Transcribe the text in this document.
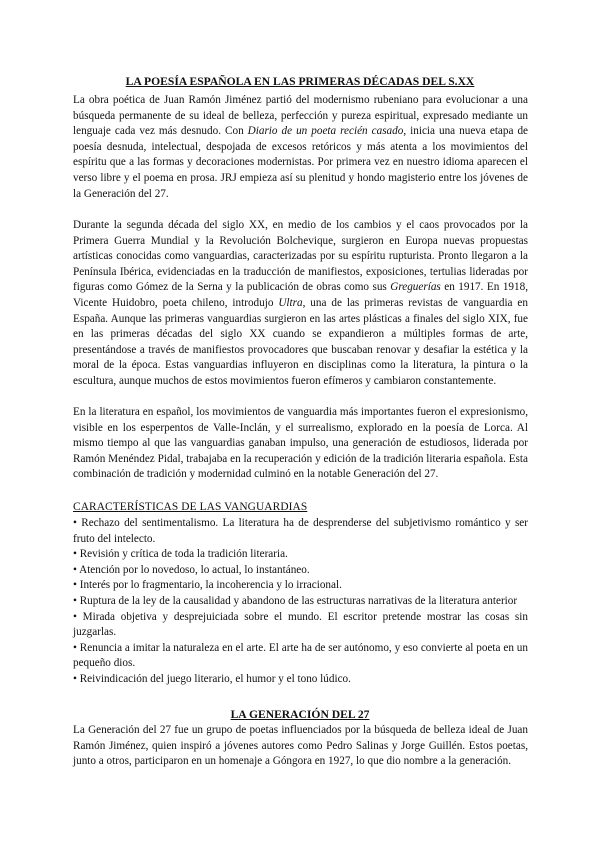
LA POESÍA ESPAÑOLA EN LAS PRIMERAS DÉCADAS DEL S.XX

La obra poética de Juan Ramón Jiménez partió del modernismo rubeniano para evolucionar a una búsqueda permanente de su ideal de belleza, perfección y pureza espiritual, expresado mediante un lenguaje cada vez más desnudo. Con Diario de un poeta recién casado, inicia una nueva etapa de poesía desnuda, intelectual, despojada de excesos retóricos y más atenta a los movimientos del espíritu que a las formas y decoraciones modernistas. Por primera vez en nuestro idioma aparecen el verso libre y el poema en prosa. JRJ empieza así su plenitud y hondo magisterio entre los jóvenes de la Generación del 27.

Durante la segunda década del siglo XX, en medio de los cambios y el caos provocados por la Primera Guerra Mundial y la Revolución Bolchevique, surgieron en Europa nuevas propuestas artísticas conocidas como vanguardias, caracterizadas por su espíritu rupturista. Pronto llegaron a la Península Ibérica, evidenciadas en la traducción de manifiestos, exposiciones, tertulias lideradas por figuras como Gómez de la Serna y la publicación de obras como sus Greguerías en 1917. En 1918, Vicente Huidobro, poeta chileno, introdujo Ultra, una de las primeras revistas de vanguardia en España. Aunque las primeras vanguardias surgieron en las artes plásticas a finales del siglo XIX, fue en las primeras décadas del siglo XX cuando se expandieron a múltiples formas de arte, presentándose a través de manifiestos provocadores que buscaban renovar y desafiar la estética y la moral de la época. Estas vanguardias influyeron en disciplinas como la literatura, la pintura o la escultura, aunque muchos de estos movimientos fueron efímeros y cambiaron constantemente.

En la literatura en español, los movimientos de vanguardia más importantes fueron el expresionismo, visible en los esperpentos de Valle-Inclán, y el surrealismo, explorado en la poesía de Lorca. Al mismo tiempo al que las vanguardias ganaban impulso, una generación de estudiosos, liderada por Ramón Menéndez Pidal, trabajaba en la recuperación y edición de la tradición literaria española. Esta combinación de tradición y modernidad culminó en la notable Generación del 27.

CARACTERÍSTICAS DE LAS VANGUARDIAS
• Rechazo del sentimentalismo. La literatura ha de desprenderse del subjetivismo romántico y ser fruto del intelecto.
• Revisión y crítica de toda la tradición literaria.
• Atención por lo novedoso, lo actual, lo instantáneo.
• Interés por lo fragmentario, la incoherencia y lo irracional.
• Ruptura de la ley de la causalidad y abandono de las estructuras narrativas de la literatura anterior
• Mirada objetiva y desprejuiciada sobre el mundo. El escritor pretende mostrar las cosas sin juzgarlas.
• Renuncia a imitar la naturaleza en el arte. El arte ha de ser autónomo, y eso convierte al poeta en un pequeño dios.
• Reivindicación del juego literario, el humor y el tono lúdico.
LA GENERACIÓN DEL 27

La Generación del 27 fue un grupo de poetas influenciados por la búsqueda de belleza ideal de Juan Ramón Jiménez, quien inspiró a jóvenes autores como Pedro Salinas y Jorge Guillén. Estos poetas, junto a otros, participaron en un homenaje a Góngora en 1927, lo que dio nombre a la generación.
